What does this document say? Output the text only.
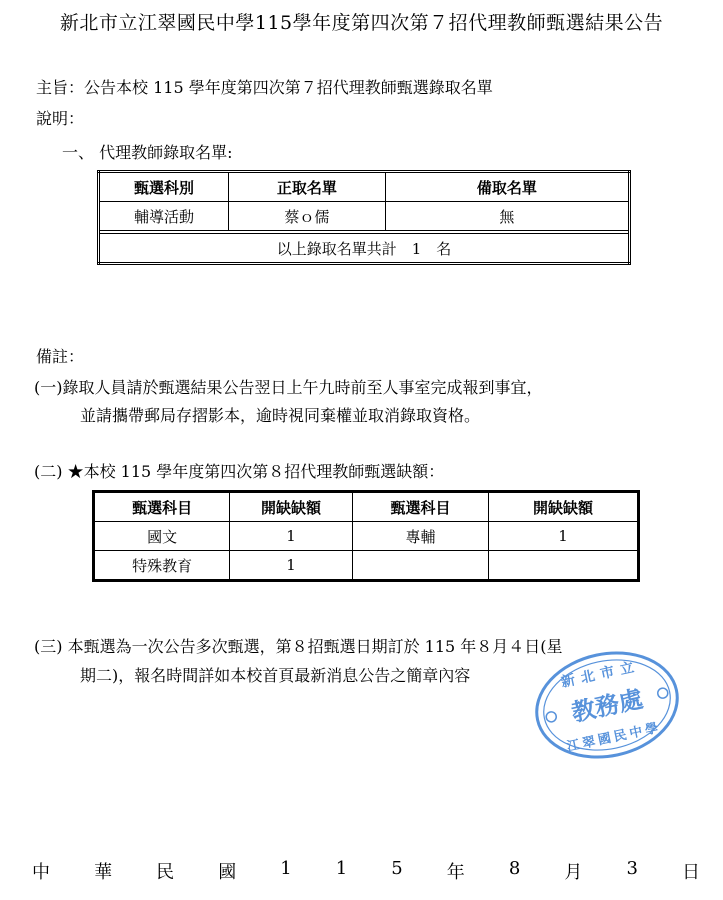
新北市立江翠國民中學115學年度第四次第７招代理教師甄選結果公告
主旨：公告本校 115 學年度第四次第７招代理教師甄選錄取名單
說明：
一、 代理教師錄取名單:
甄選科別	正取名單	備取名單
輔導活動	蔡ｏ儒	無

以上錄取名單共計　1　名		
備註：
(一)錄取人員請於甄選結果公告翌日上午九時前至人事室完成報到事宜，
並請攜帶郵局存摺影本，逾時視同棄權並取消錄取資格。
(二) ★本校 115 學年度第四次第８招代理教師甄選缺額：
甄選科目	開缺缺額	甄選科目	開缺缺額
國文	1	專輔	1
特殊教育	1		
(三) 本甄選為一次公告多次甄選，第８招甄選日期訂於 115 年８月４日(星
期二)，報名時間詳如本校首頁最新消息公告之簡章內容	新北市立
教務處
江翠國民中學
中 華 民 國 1 1 5 年 8 月 3 日
